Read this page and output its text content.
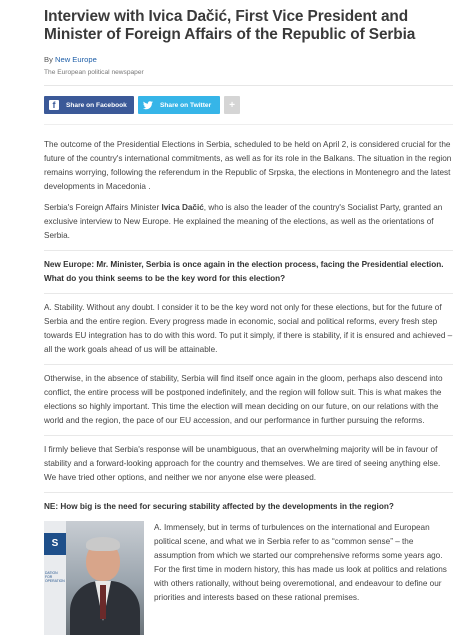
Interview with Ivica Dačić, First Vice President and Minister of Foreign Affairs of the Republic of Serbia
By New Europe
The European political newspaper
f	Share on Facebook	Share on Twitter	+

The outcome of the Presidential Elections in Serbia, scheduled to be held on April 2, is considered crucial for the future of the country's international commitments, as well as for its role in the Balkans. The situation in the region remains worrying, following the referendum in the Republic of Srpska, the elections in Montenegro and the latest developments in Macedonia .

Serbia's Foreign Affairs Minister Ivica Dačić, who is also the leader of the country's Socialist Party, granted an exclusive interview to New Europe. He explained the meaning of the elections, as well as the orientations of Serbia.

New Europe: Mr. Minister, Serbia is once again in the election process, facing the Presidential election. What do you think seems to be the key word for this election?

A. Stability. Without any doubt. I consider it to be the key word not only for these elections, but for the future of Serbia and the entire region. Every progress made in economic, social and political reforms, every fresh step towards EU integration has to do with this word. To put it simply, if there is stability, if it is ensured and achieved – all the work goals ahead of us will be attainable.

Otherwise, in the absence of stability, Serbia will find itself once again in the gloom, perhaps also descend into conflict, the entire process will be postponed indefinitely, and the region will follow suit. This is what makes the elections so highly important. This time the election will mean deciding on our future, on our relations with the world and the region, the pace of our EU accession, and our performance in further pursuing the reforms.

I firmly believe that Serbia's response will be unambiguous, that an overwhelming majority will be in favour of stability and a forward-looking approach for the country and themselves. We are tired of seeing anything else. We have tried other options, and neither we nor anyone else were pleased.

NE: How big is the need for securing stability affected by the developments in the region?

S
DATION FOR OPERATION

A. Immensely, but in terms of turbulences on the international and European political scene, and what we in Serbia refer to as “common sense” – the assumption from which we started our comprehensive reforms some years ago. For the first time in modern history, this has made us look at politics and relations with others rationally, without being overemotional, and endeavour to define our priorities and interests based on these rational premises.
